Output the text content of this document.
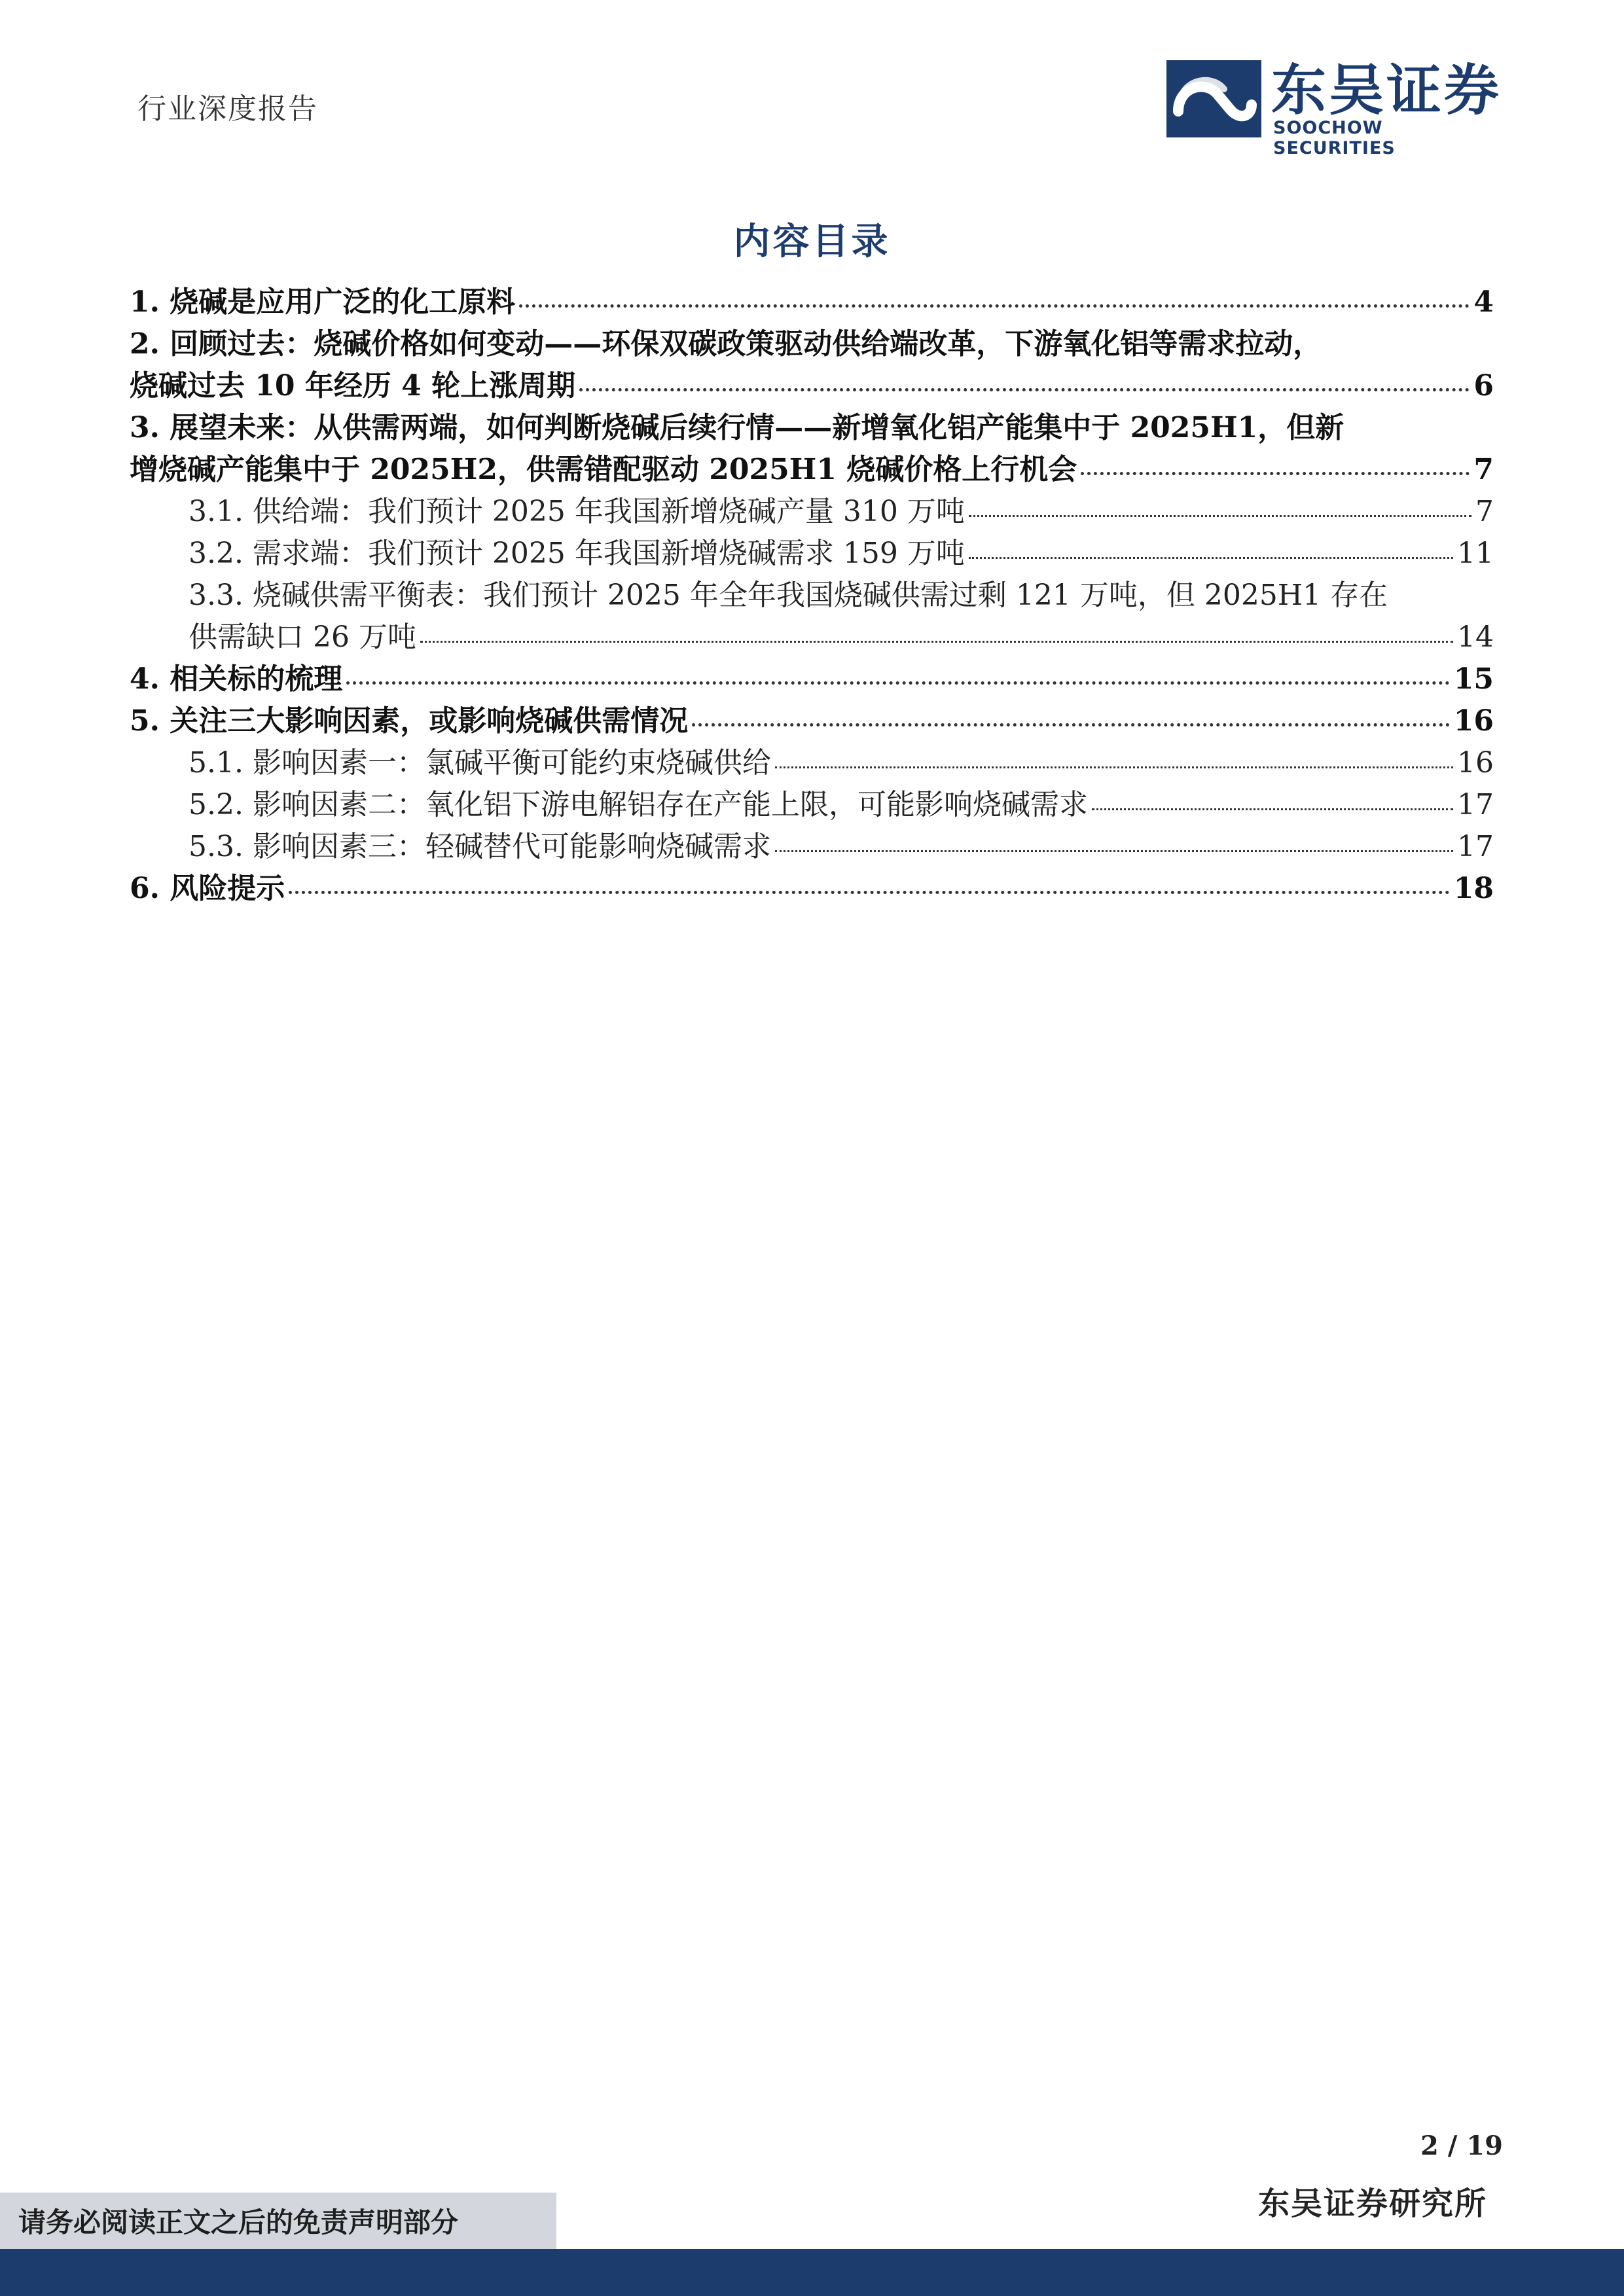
行业深度报告	东吴证券
SOOCHOW SECURITIES
内容目录
1. 烧碱是应用广泛的化工原料	4
2. 回顾过去：烧碱价格如何变动——环保双碳政策驱动供给端改革，下游氧化铝等需求拉动，
烧碱过去 10 年经历 4 轮上涨周期	6
3. 展望未来：从供需两端，如何判断烧碱后续行情——新增氧化铝产能集中于 2025H1，但新
增烧碱产能集中于 2025H2，供需错配驱动 2025H1 烧碱价格上行机会	7
3.1. 供给端：我们预计 2025 年我国新增烧碱产量 310 万吨	7
3.2. 需求端：我们预计 2025 年我国新增烧碱需求 159 万吨	11
3.3. 烧碱供需平衡表：我们预计 2025 年全年我国烧碱供需过剩 121 万吨，但 2025H1 存在
供需缺口 26 万吨	14
4. 相关标的梳理	15
5. 关注三大影响因素，或影响烧碱供需情况	16
5.1. 影响因素一：氯碱平衡可能约束烧碱供给	16
5.2. 影响因素二：氧化铝下游电解铝存在产能上限，可能影响烧碱需求	17
5.3. 影响因素三：轻碱替代可能影响烧碱需求	17
6. 风险提示	18
2 / 19
东吴证券研究所
请务必阅读正文之后的免责声明部分
